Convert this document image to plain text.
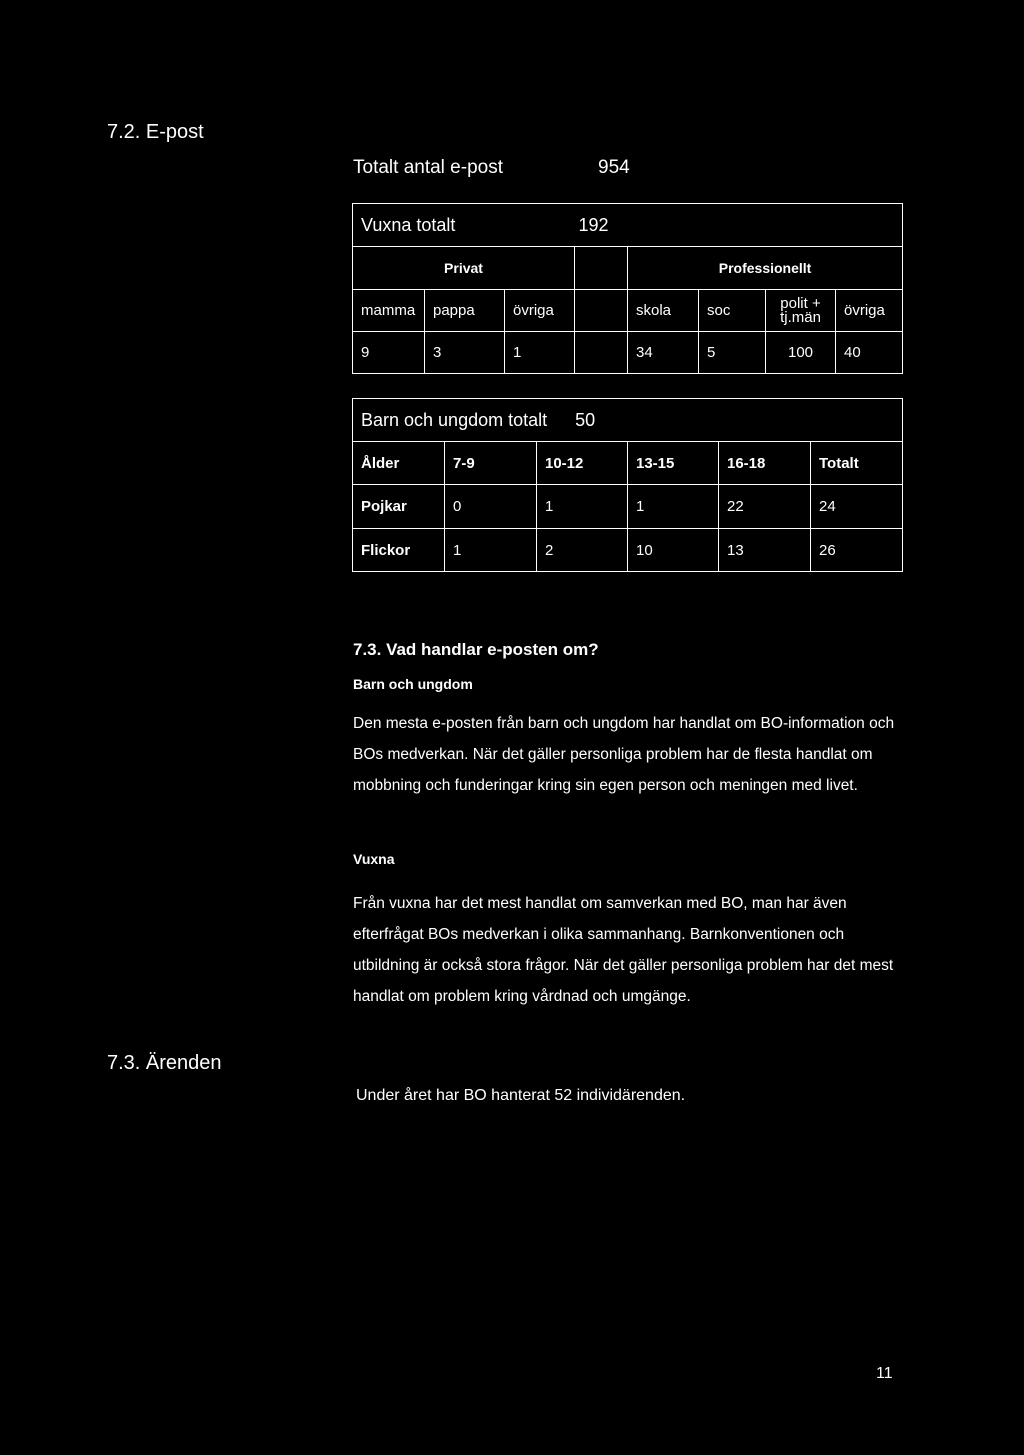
7.2. E-post
Totalt antal e-post	954
Vuxna totalt 192							
Privat				Professionellt			
mamma	pappa	övriga		skola	soc	polit + tj.män	övriga
9	3	1		34	5	100	40
Barn och ungdom totalt 50					
Ålder	7-9	10-12	13-15	16-18	Totalt
Pojkar	0	1	1	22	24
Flickor	1	2	10	13	26
7.3. Vad handlar e-posten om?
Barn och ungdom
Den mesta e-posten från barn och ungdom har handlat om BO-information och BOs medverkan. När det gäller personliga problem har de flesta handlat om mobbning och funderingar kring sin egen person och meningen med livet.
Vuxna
Från vuxna har det mest handlat om samverkan med BO, man har även efterfrågat BOs medverkan i olika sammanhang. Barnkonventionen och utbildning är också stora frågor. När det gäller personliga problem har det mest handlat om problem kring vårdnad och umgänge.
7.3. Ärenden
Under året har BO hanterat 52 individärenden.
11
